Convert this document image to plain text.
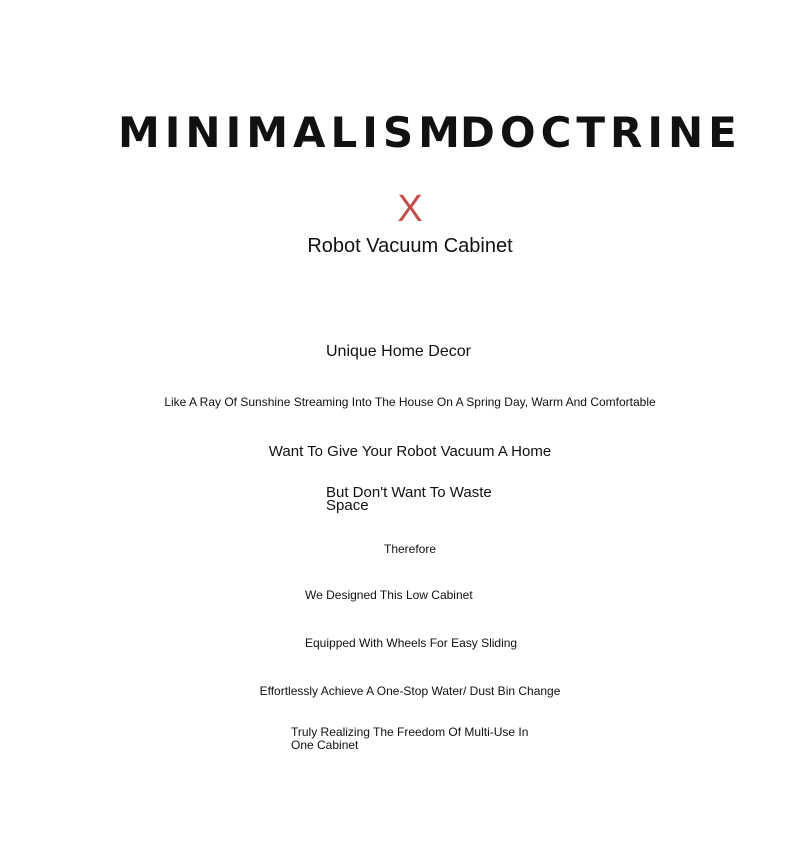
MINIMALISM
DOCTRINE
X
Robot Vacuum Cabinet
Unique Home Decor
Like A Ray Of Sunshine Streaming Into The House On A Spring Day, Warm And Comfortable
Want To Give Your Robot Vacuum A Home
But Don't Want To Waste Space
Therefore
We Designed This Low Cabinet
Equipped With Wheels For Easy Sliding
Effortlessly Achieve A One-Stop Water/ Dust Bin Change
Truly Realizing The Freedom Of Multi-Use In One Cabinet
